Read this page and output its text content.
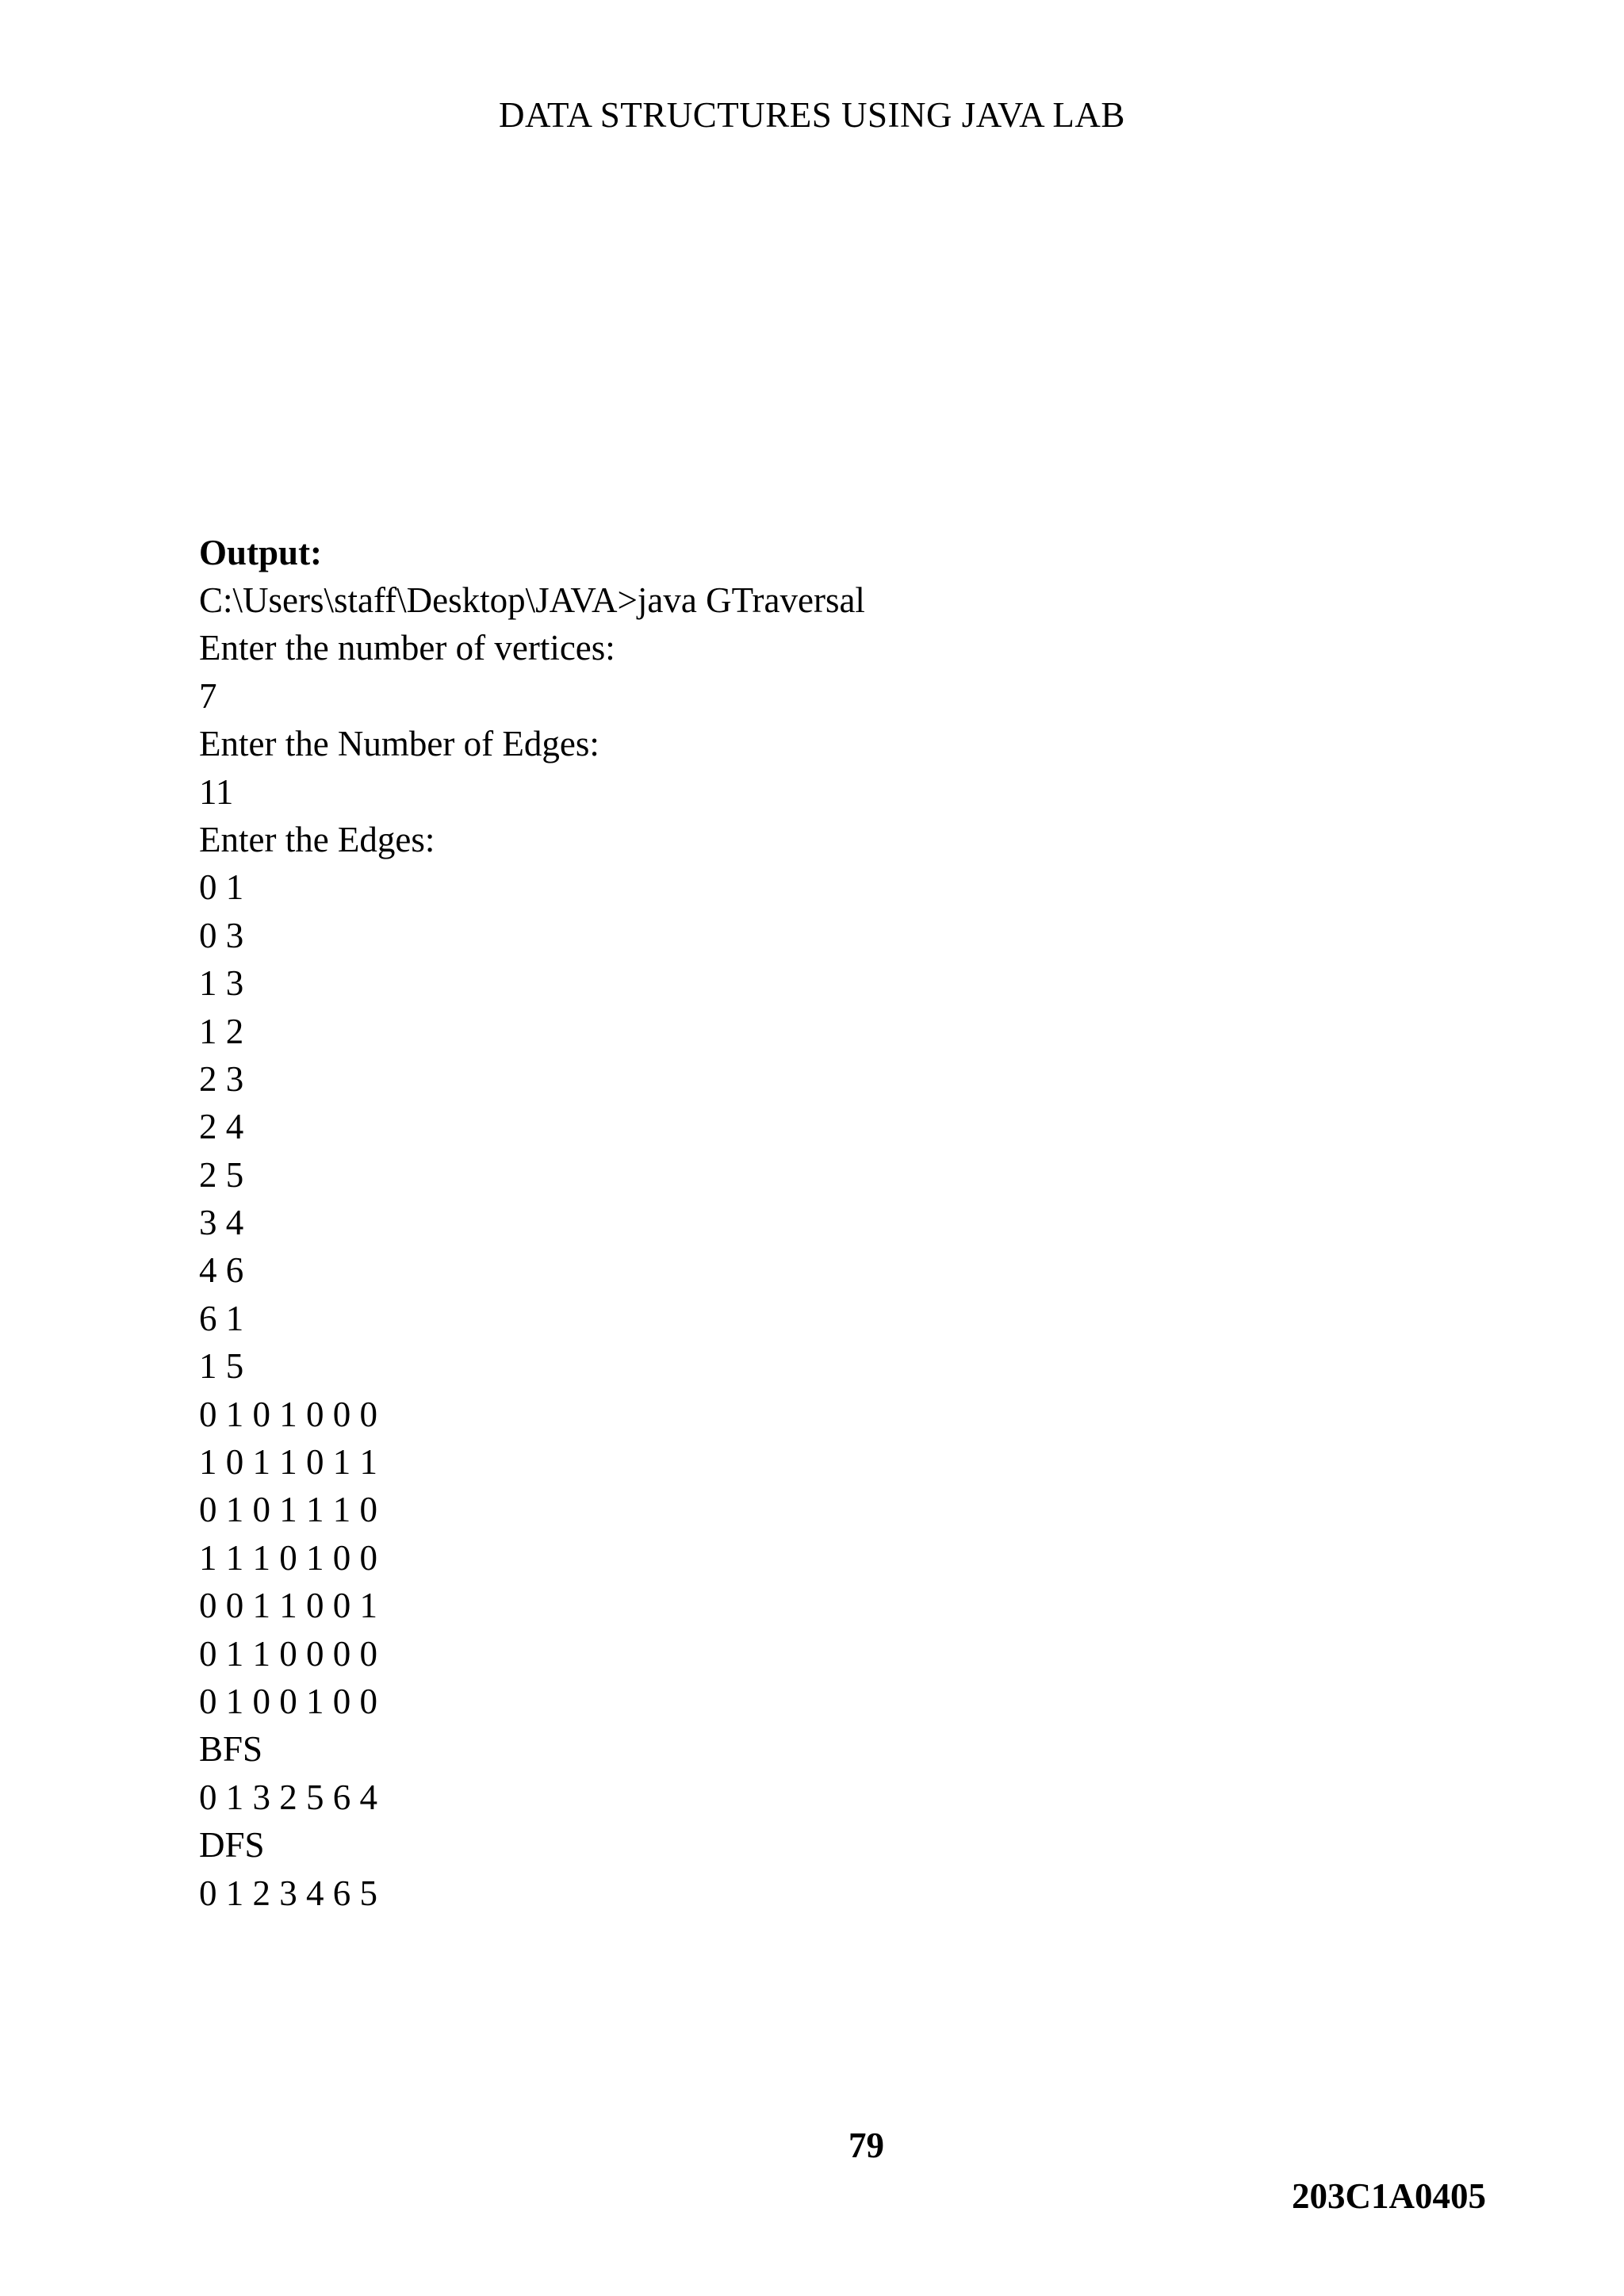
DATA STRUCTURES USING JAVA LAB
Output:
C:\Users\staff\Desktop\JAVA>java GTraversal
Enter the number of vertices:
7
Enter the Number of Edges:
11
Enter the Edges:
0 1
0 3
1 3
1 2
2 3
2 4
2 5
3 4
4 6
6 1
1 5
0 1 0 1 0 0 0
1 0 1 1 0 1 1
0 1 0 1 1 1 0
1 1 1 0 1 0 0
0 0 1 1 0 0 1
0 1 1 0 0 0 0
0 1 0 0 1 0 0
BFS
0 1 3 2 5 6 4
DFS
0 1 2 3 4 6 5
79
203C1A0405
